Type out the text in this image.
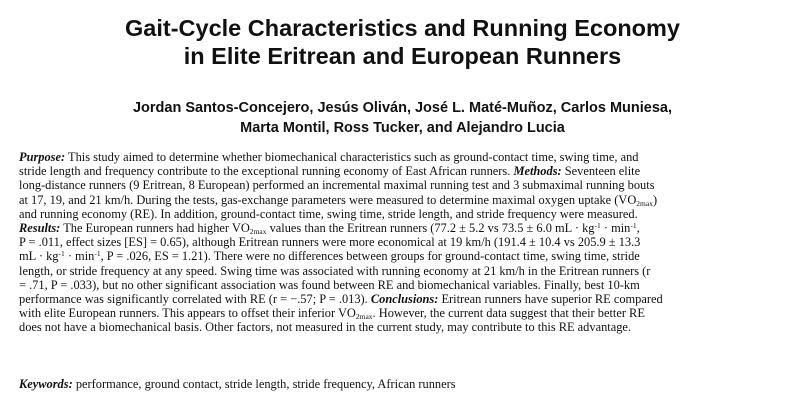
Gait-Cycle Characteristics and Running Economy
in Elite Eritrean and European Runners
Jordan Santos-Concejero, Jesús Oliván, José L. Maté-Muñoz, Carlos Muniesa,
Marta Montil, Ross Tucker, and Alejandro Lucia
Purpose: This study aimed to determine whether biomechanical characteristics such as ground-contact time, swing time, and
stride length and frequency contribute to the exceptional running economy of East African runners. Methods: Seventeen elite
long-distance runners (9 Eritrean, 8 European) performed an incremental maximal running test and 3 submaximal running bouts
at 17, 19, and 21 km/h. During the tests, gas-exchange parameters were measured to determine maximal oxygen uptake $(VO_{2max})$
and running economy (RE). In addition, ground-contact time, swing time, stride length, and stride frequency were measured.
Results: The European runners had higher $VO_{2max}$ values than the Eritrean runners (77.2 ± 5.2 vs 73.5 ± 6.0 mL · $kg^{-1} \cdot \min^{-1}$,
P = .011, effect sizes [ES] = 0.65), although Eritrean runners were more economical at 19 km/h (191.4 ± 10.4 vs 205.9 ± 13.3
mL · $kg^{-1} \cdot \min^{-1}$, P = .026, ES = 1.21). There were no differences between groups for ground-contact time, swing time, stride
length, or stride frequency at any speed. Swing time was associated with running economy at 21 km/h in the Eritrean runners (r
= .71, P = .033), but no other significant association was found between RE and biomechanical variables. Finally, best 10-km
performance was significantly correlated with RE (r = −.57; P = .013). Conclusions: Eritrean runners have superior RE compared
with elite European runners. This appears to offset their inferior $VO_{2max}$. However, the current data suggest that their better RE
does not have a biomechanical basis. Other factors, not measured in the current study, may contribute to this RE advantage.
Keywords: performance, ground contact, stride length, stride frequency, African runners
